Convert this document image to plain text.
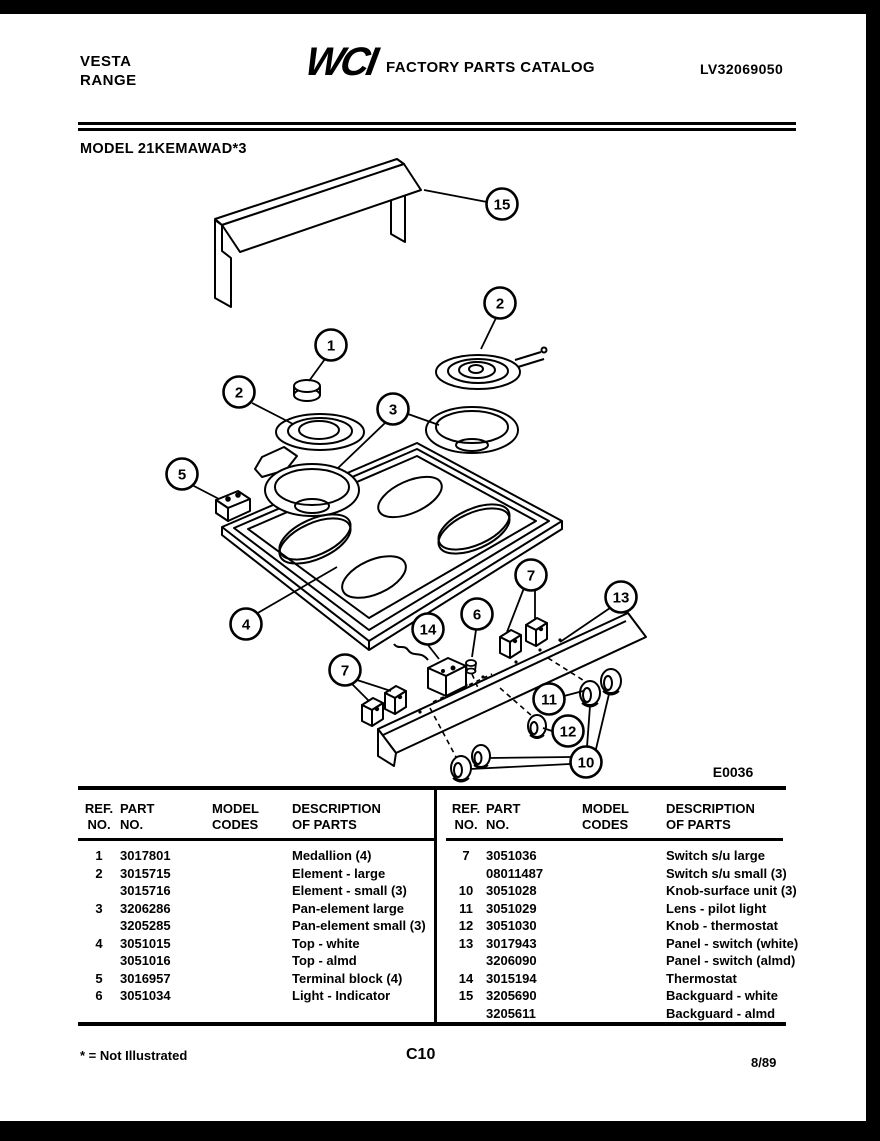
VESTA
RANGE	WCI FACTORY PARTS CATALOG	LV32069050
MODEL 21KEMAWAD*3
15
2
1
2
3
5
4
7
14
6
7
13
11
12
10
E0036
REF.
NO.

PART
NO.

MODEL
CODES

DESCRIPTION
OF PARTS

1	3017801		Medallion (4)
2	3015715		Element - large
	3015716		Element - small (3)
3	3206286		Pan-element large
	3205285		Pan-element small (3)
4	3051015		Top - white
	3051016		Top - almd
5	3016957		Terminal block (4)
6	3051034		Light - Indicator
REF.
NO.

PART
NO.

MODEL
CODES

DESCRIPTION
OF PARTS

7	3051036		Switch s/u large
	08011487		Switch s/u small (3)
10	3051028		Knob-surface unit (3)
11	3051029		Lens - pilot light
12	3051030		Knob - thermostat
13	3017943		Panel - switch (white)
	3206090		Panel - switch (almd)
14	3015194		Thermostat
15	3205690		Backguard - white
	3205611		Backguard - almd
* = Not Illustrated	C10	8/89
